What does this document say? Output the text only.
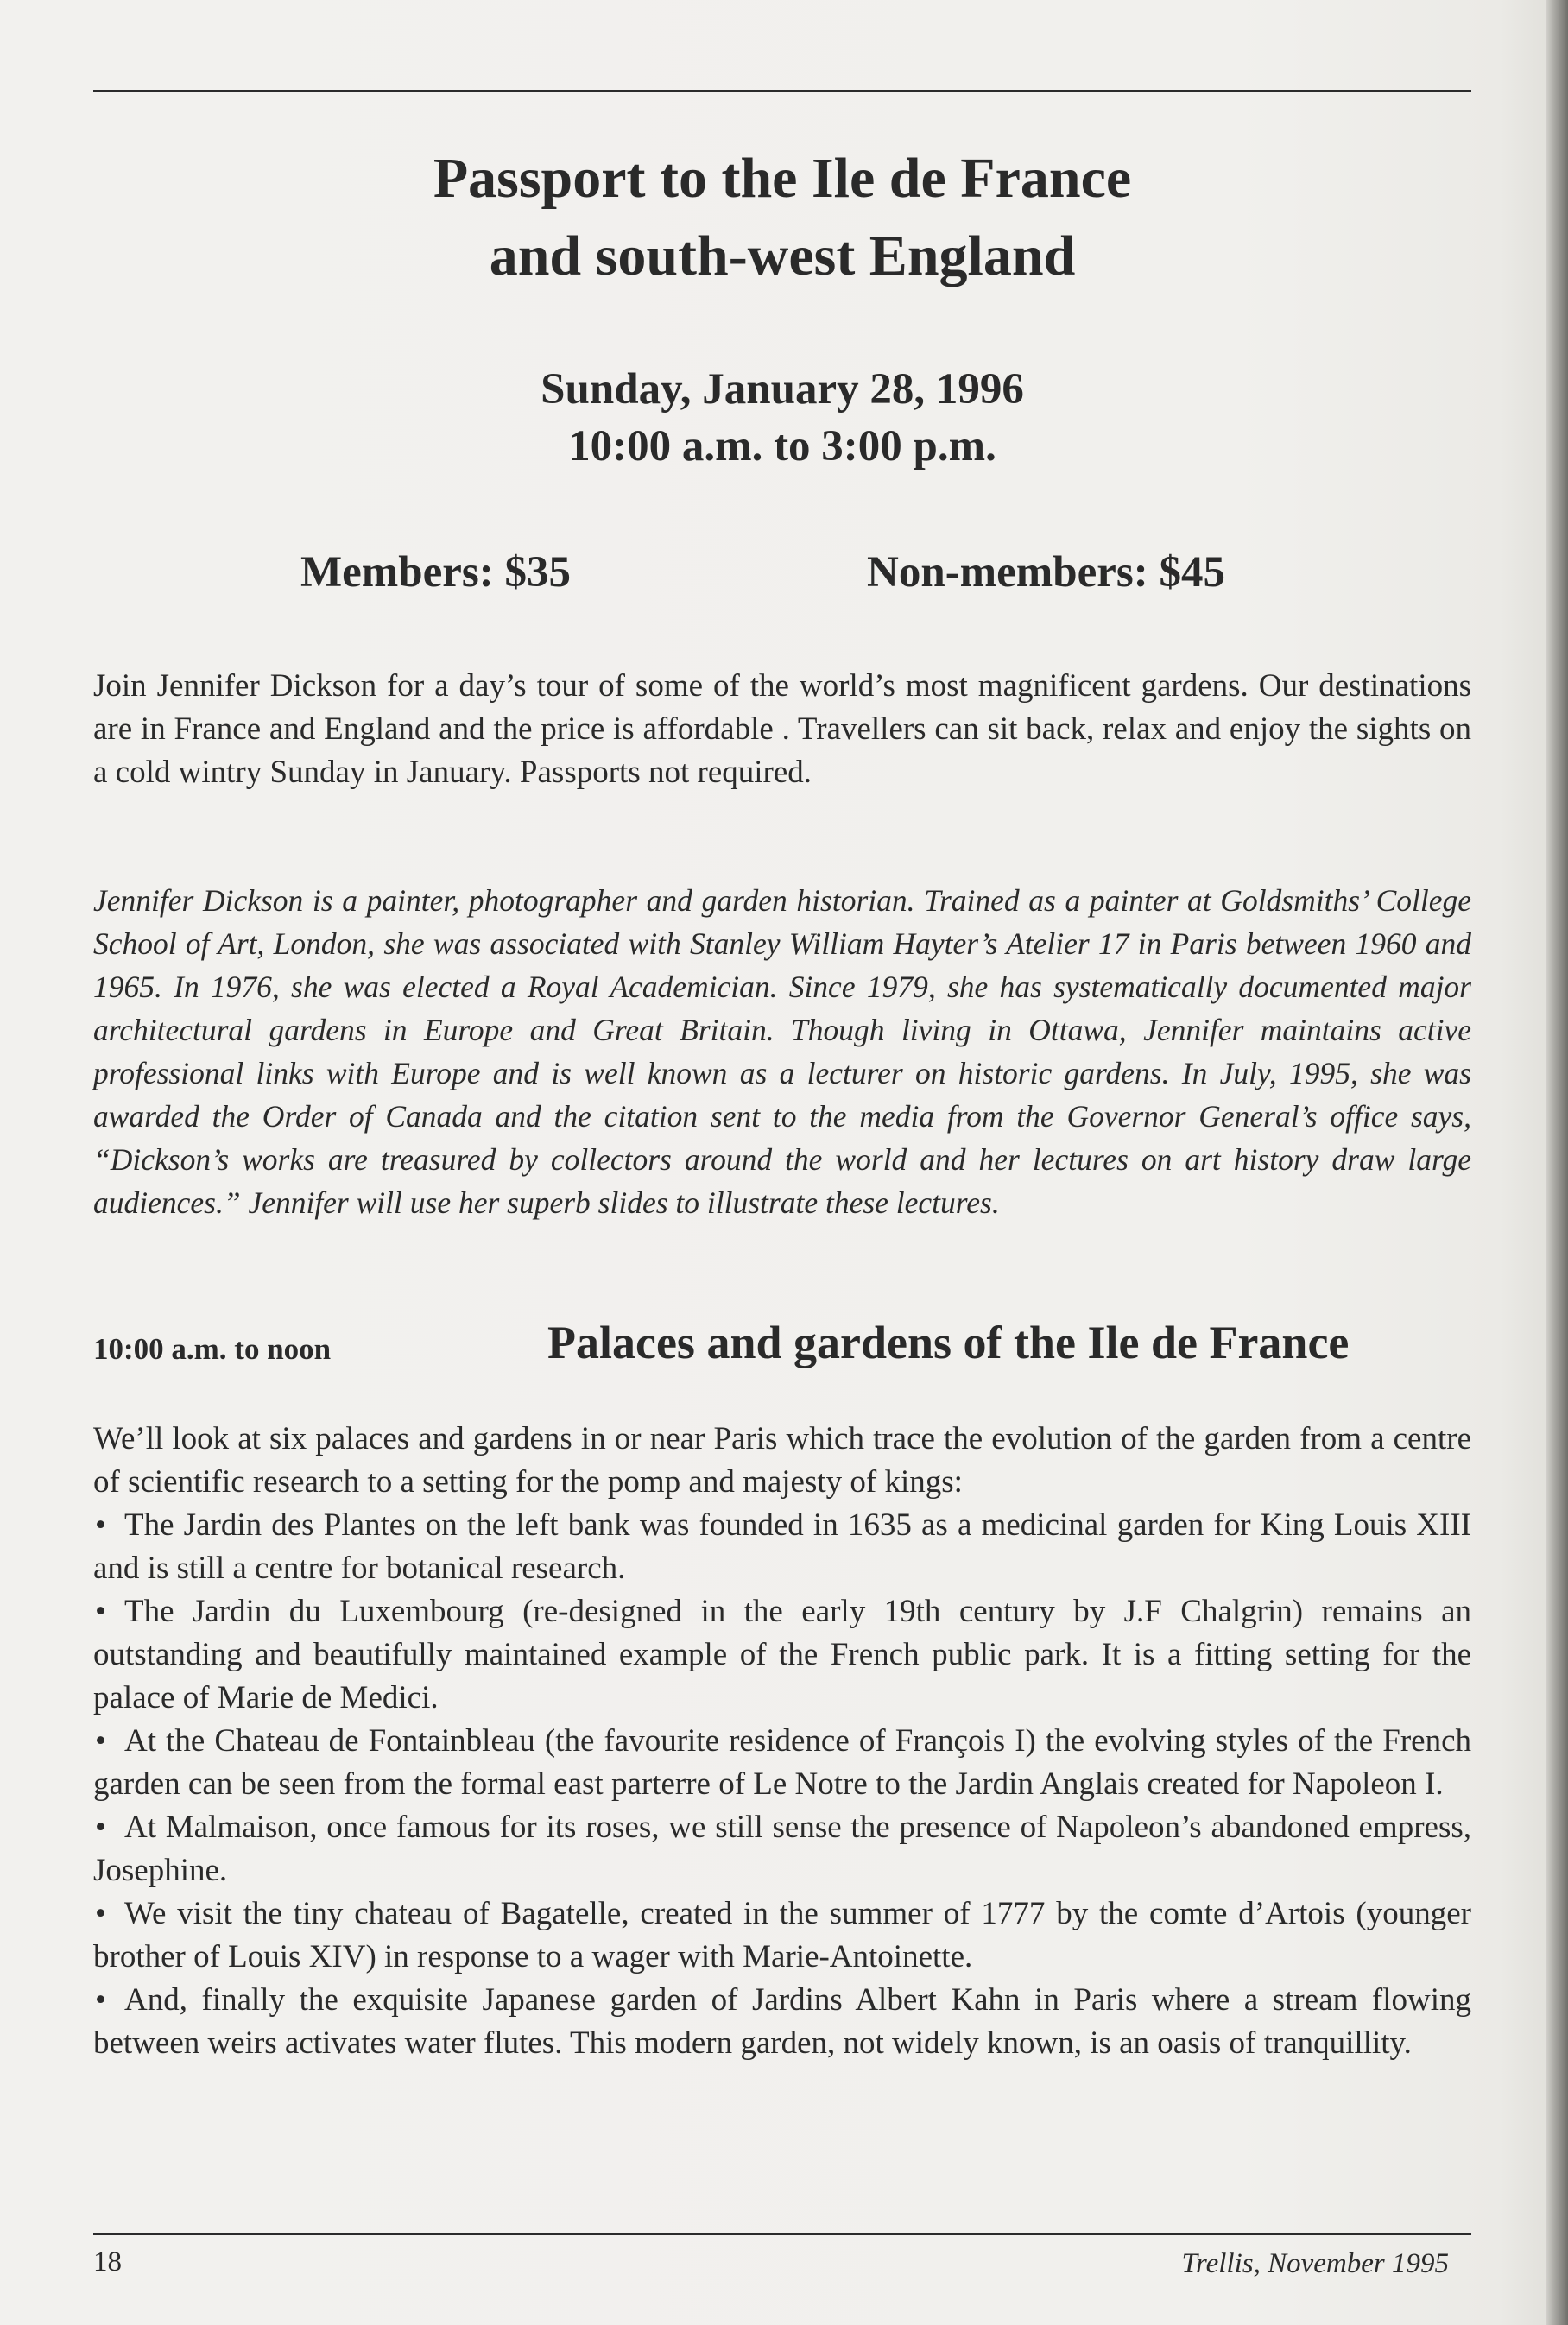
Passport to the Ile de France
and south-west England
Sunday, January 28, 1996
10:00 a.m. to 3:00 p.m.
Members: $35	Non-members: $45

Join Jennifer Dickson for a day’s tour of some of the world’s most magnificent gardens. Our destinations are in France and England and the price is affordable . Travellers can sit back, relax and enjoy the sights on a cold wintry Sunday in January. Passports not required.

Jennifer Dickson is a painter, photographer and garden historian. Trained as a painter at Goldsmiths’ College School of Art, London, she was associated with Stanley William Hayter’s Atelier 17 in Paris between 1960 and 1965. In 1976, she was elected a Royal Academician. Since 1979, she has systematically documented major architectural gardens in Europe and Great Britain. Though living in Ottawa, Jennifer maintains active professional links with Europe and is well known as a lecturer on historic gardens. In July, 1995, she was awarded the Order of Canada and the citation sent to the media from the Governor General’s office says, “Dickson’s works are treasured by collectors around the world and her lectures on art history draw large audiences.” Jennifer will use her superb slides to illustrate these lectures.

10:00 a.m. to noon	Palaces and gardens of the Ile de France

We’ll look at six palaces and gardens in or near Paris which trace the evolution of the garden from a centre of scientific research to a setting for the pomp and majesty of kings:

• The Jardin des Plantes on the left bank was founded in 1635 as a medicinal garden for King Louis XIII and is still a centre for botanical research.

• The Jardin du Luxembourg (re-designed in the early 19th century by J.F Chalgrin) remains an outstanding and beautifully maintained example of the French public park. It is a fitting setting for the palace of Marie de Medici.

• At the Chateau de Fontainbleau (the favourite residence of François I) the evolving styles of the French garden can be seen from the formal east parterre of Le Notre to the Jardin Anglais created for Napoleon I.

• At Malmaison, once famous for its roses, we still sense the presence of Napoleon’s abandoned empress, Josephine.

• We visit the tiny chateau of Bagatelle, created in the summer of 1777 by the comte d’Artois (younger brother of Louis XIV) in response to a wager with Marie-Antoinette.

• And, finally the exquisite Japanese garden of Jardins Albert Kahn in Paris where a stream flowing between weirs activates water flutes. This modern garden, not widely known, is an oasis of tranquillity.

18	Trellis, November 1995
